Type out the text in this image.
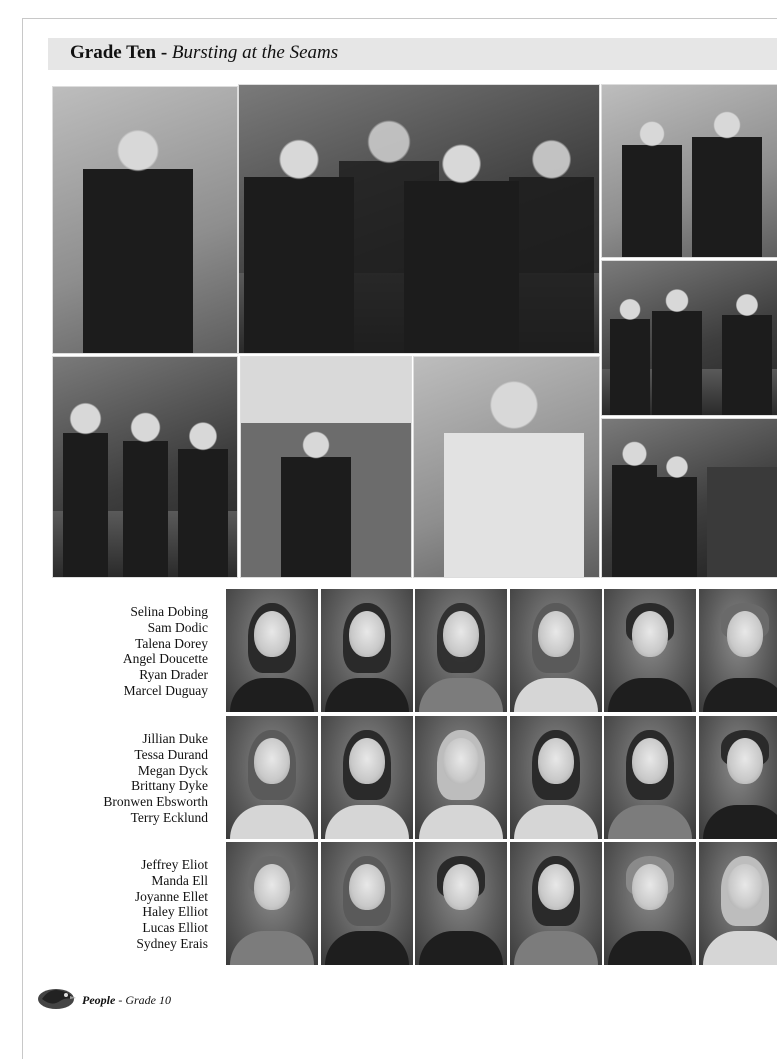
Grade Ten - Bursting at the Seams
Selina Dobing
Sam Dodic
Talena Dorey
Angel Doucette
Ryan Drader
Marcel Duguay
Jillian Duke
Tessa Durand
Megan Dyck
Brittany Dyke
Bronwen Ebsworth
Terry Ecklund
Jeffrey Eliot
Manda Ell
Joyanne Ellet
Haley Elliot
Lucas Elliot
Sydney Erais
People - Grade 10
